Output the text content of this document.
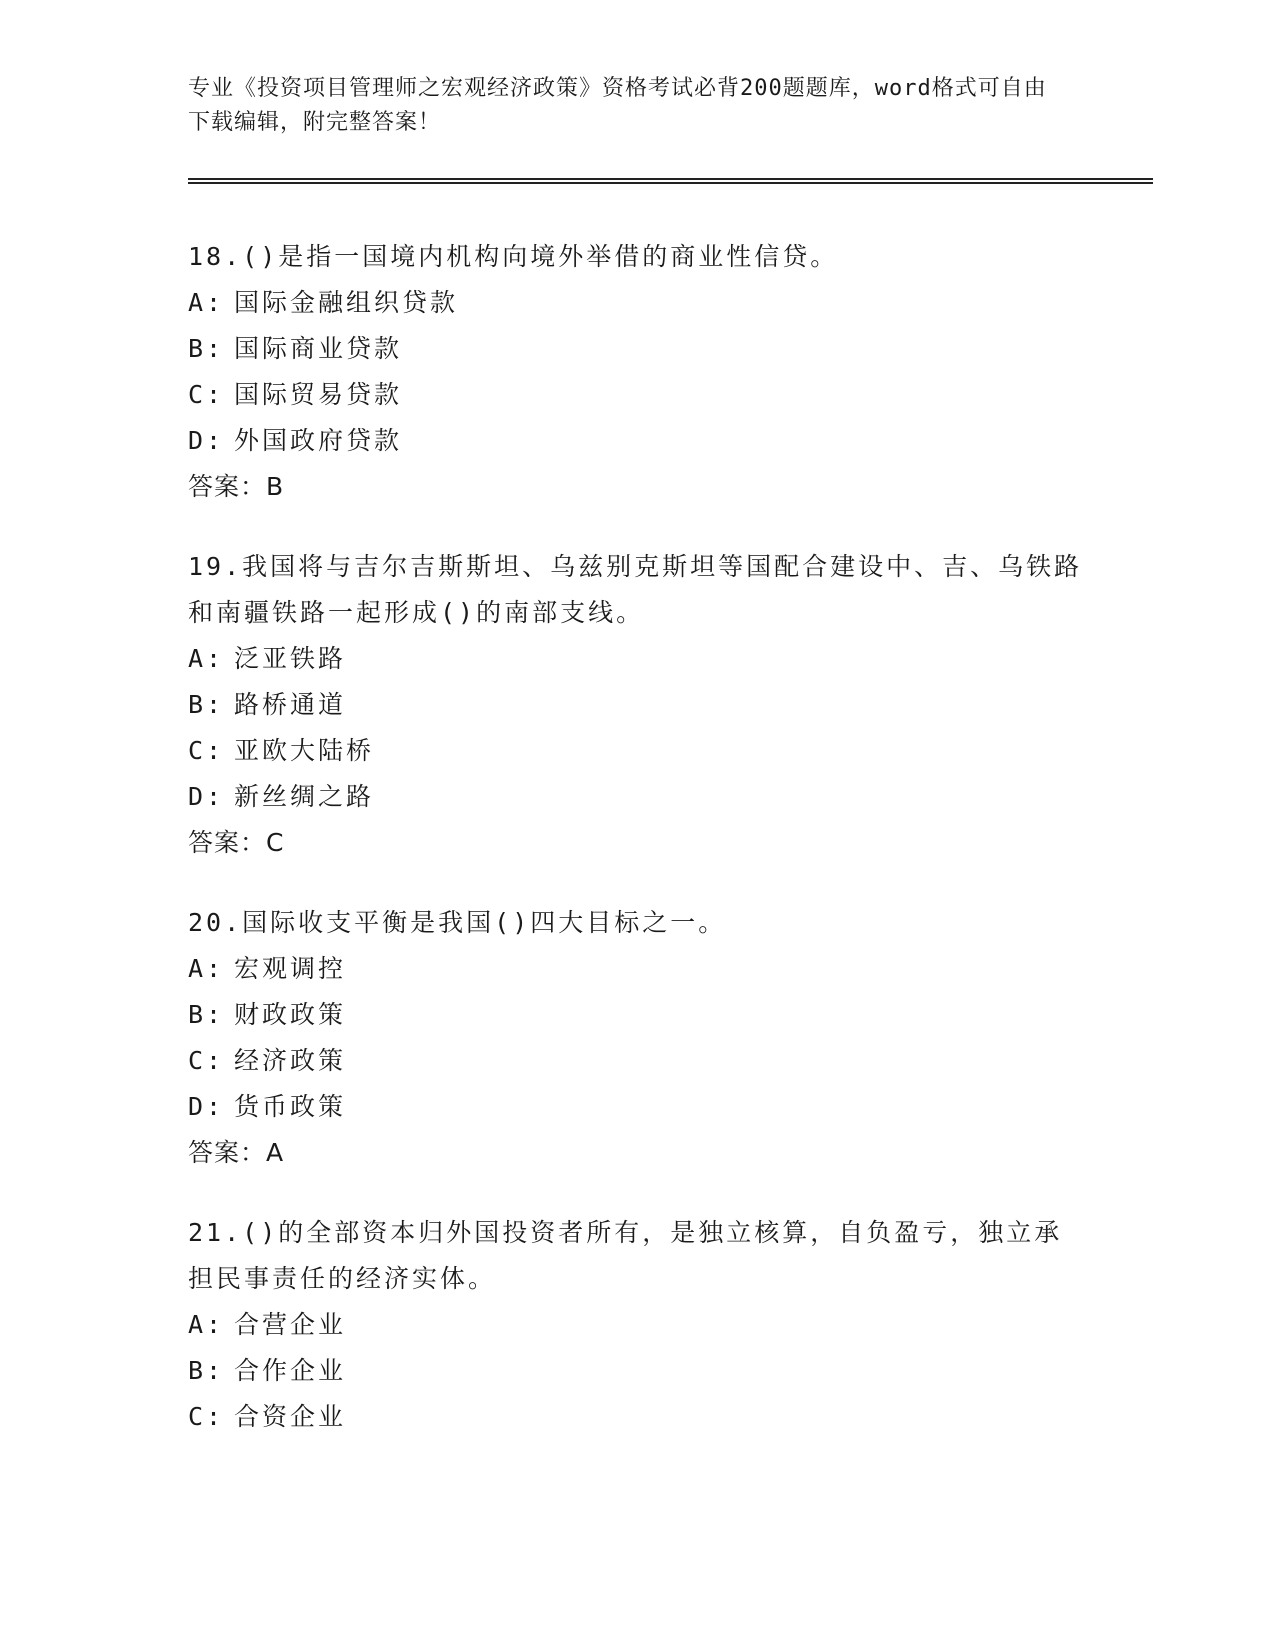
专业《投资项目管理师之宏观经济政策》资格考试必背200题题库，word格式可自由下载编辑，附完整答案！

18.()是指一国境内机构向境外举借的商业性信贷。

A: 国际金融组织贷款
B: 国际商业贷款
C: 国际贸易贷款
D: 外国政府贷款
答案：B

19.我国将与吉尔吉斯斯坦、乌兹别克斯坦等国配合建设中、吉、乌铁路和南疆铁路一起形成()的南部支线。

A: 泛亚铁路
B: 路桥通道
C: 亚欧大陆桥
D: 新丝绸之路
答案：C

20.国际收支平衡是我国()四大目标之一。

A: 宏观调控
B: 财政政策
C: 经济政策
D: 货币政策
答案：A

21.()的全部资本归外国投资者所有，是独立核算，自负盈亏，独立承担民事责任的经济实体。

A: 合营企业
B: 合作企业
C: 合资企业
